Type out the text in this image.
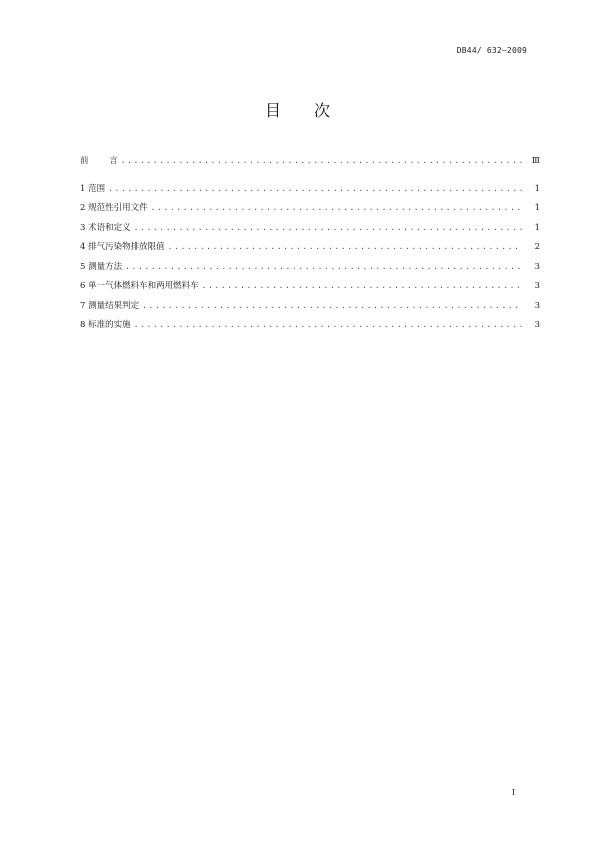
DB44/ 632—2009
目 次
前 言 .....	Ⅲ
1 范围 .....	1
2 规范性引用文件 .....	1
3 术语和定义 .....	1
4 排气污染物排放限值 .....	2
5 测量方法 .....	3
6 单一气体燃料车和两用燃料车 .....	3
7 测量结果判定 .....	3
8 标准的实施 .....	3
I
